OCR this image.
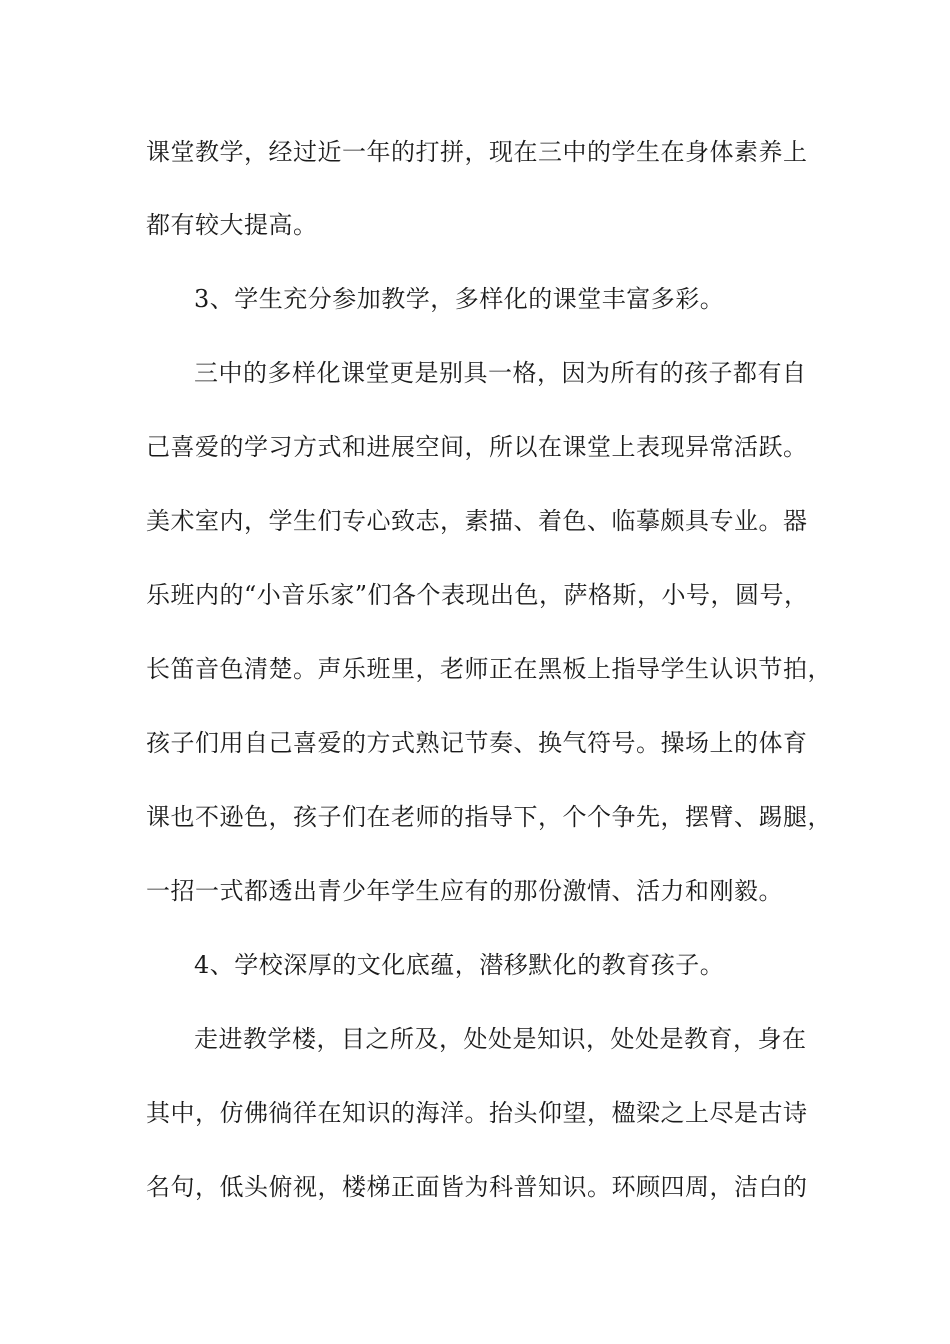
课堂教学，经过近一年的打拼，现在三中的学生在身体素养上
都有较大提高。
3、学生充分参加教学，多样化的课堂丰富多彩。
三中的多样化课堂更是别具一格，因为所有的孩子都有自
己喜爱的学习方式和进展空间，所以在课堂上表现异常活跃。
美术室内，学生们专心致志，素描、着色、临摹颇具专业。器
乐班内的“小音乐家”们各个表现出色，萨格斯，小号，圆号，
长笛音色清楚。声乐班里，老师正在黑板上指导学生认识节拍，
孩子们用自己喜爱的方式熟记节奏、换气符号。操场上的体育
课也不逊色，孩子们在老师的指导下，个个争先，摆臂、踢腿，
一招一式都透出青少年学生应有的那份激情、活力和刚毅。
4、学校深厚的文化底蕴，潜移默化的教育孩子。
走进教学楼，目之所及，处处是知识，处处是教育，身在
其中，仿佛徜徉在知识的海洋。抬头仰望，楹梁之上尽是古诗
名句，低头俯视，楼梯正面皆为科普知识。环顾四周，洁白的
